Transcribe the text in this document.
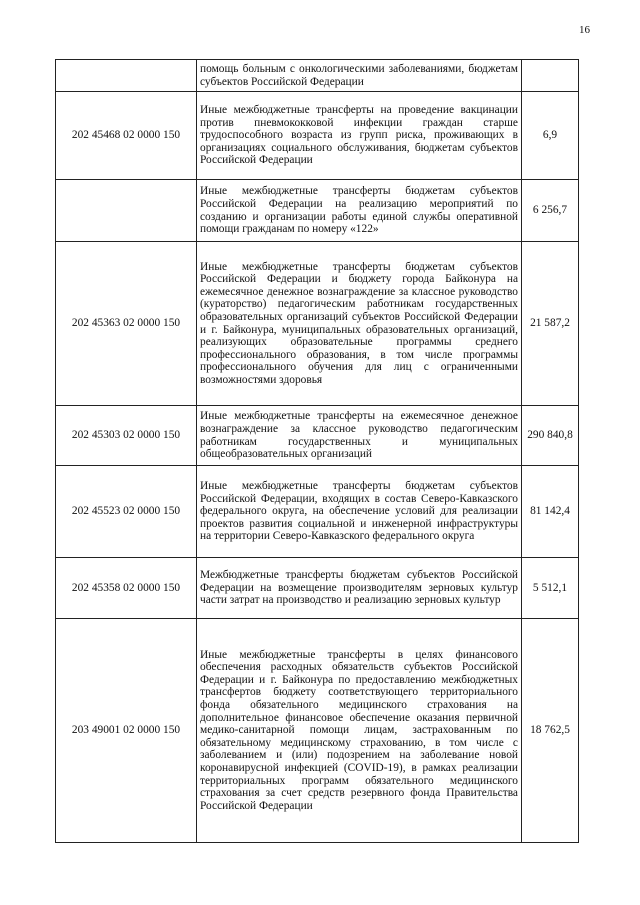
16
	помощь больным с онкологическими заболеваниями, бюджетам субъектов Российской Федерации	
202 45468 02 0000 150	Иные межбюджетные трансферты на проведение вакцинации против пневмококковой инфекции граждан старше трудоспособного возраста из групп риска, проживающих в организациях социального обслуживания, бюджетам субъектов Российской Федерации	6,9
	Иные межбюджетные трансферты бюджетам субъектов Российской Федерации на реализацию мероприятий по созданию и организации работы единой службы оперативной помощи гражданам по номеру «122»	6 256,7
202 45363 02 0000 150	Иные межбюджетные трансферты бюджетам субъектов Российской Федерации и бюджету города Байконура на ежемесячное денежное вознаграждение за классное руководство (кураторство) педагогическим работникам государственных образовательных организаций субъектов Российской Федерации и г. Байконура, муниципальных образовательных организаций, реализующих образовательные программы среднего профессионального образования, в том числе программы профессионального обучения для лиц с ограниченными возможностями здоровья	21 587,2
202 45303 02 0000 150	Иные межбюджетные трансферты на ежемесячное денежное вознаграждение за классное руководство педагогическим работникам государственных и муниципальных общеобразовательных организаций	290 840,8
202 45523 02 0000 150	Иные межбюджетные трансферты бюджетам субъектов Российской Федерации, входящих в состав Северо-Кавказского федерального округа, на обеспечение условий для реализации проектов развития социальной и инженерной инфраструктуры на территории Северо-Кавказского федерального округа	81 142,4
202 45358 02 0000 150	Межбюджетные трансферты бюджетам субъектов Российской Федерации на возмещение производителям зерновых культур части затрат на производство и реализацию зерновых культур	5 512,1
203 49001 02 0000 150	Иные межбюджетные трансферты в целях финансового обеспечения расходных обязательств субъектов Российской Федерации и г. Байконура по предоставлению межбюджетных трансфертов бюджету соответствующего территориального фонда обязательного медицинского страхования на дополнительное финансовое обеспечение оказания первичной медико-санитарной помощи лицам, застрахованным по обязательному медицинскому страхованию, в том числе с заболеванием и (или) подозрением на заболевание новой коронавирусной инфекцией (COVID-19), в рамках реализации территориальных программ обязательного медицинского страхования за счет средств резервного фонда Правительства Российской Федерации	18 762,5
